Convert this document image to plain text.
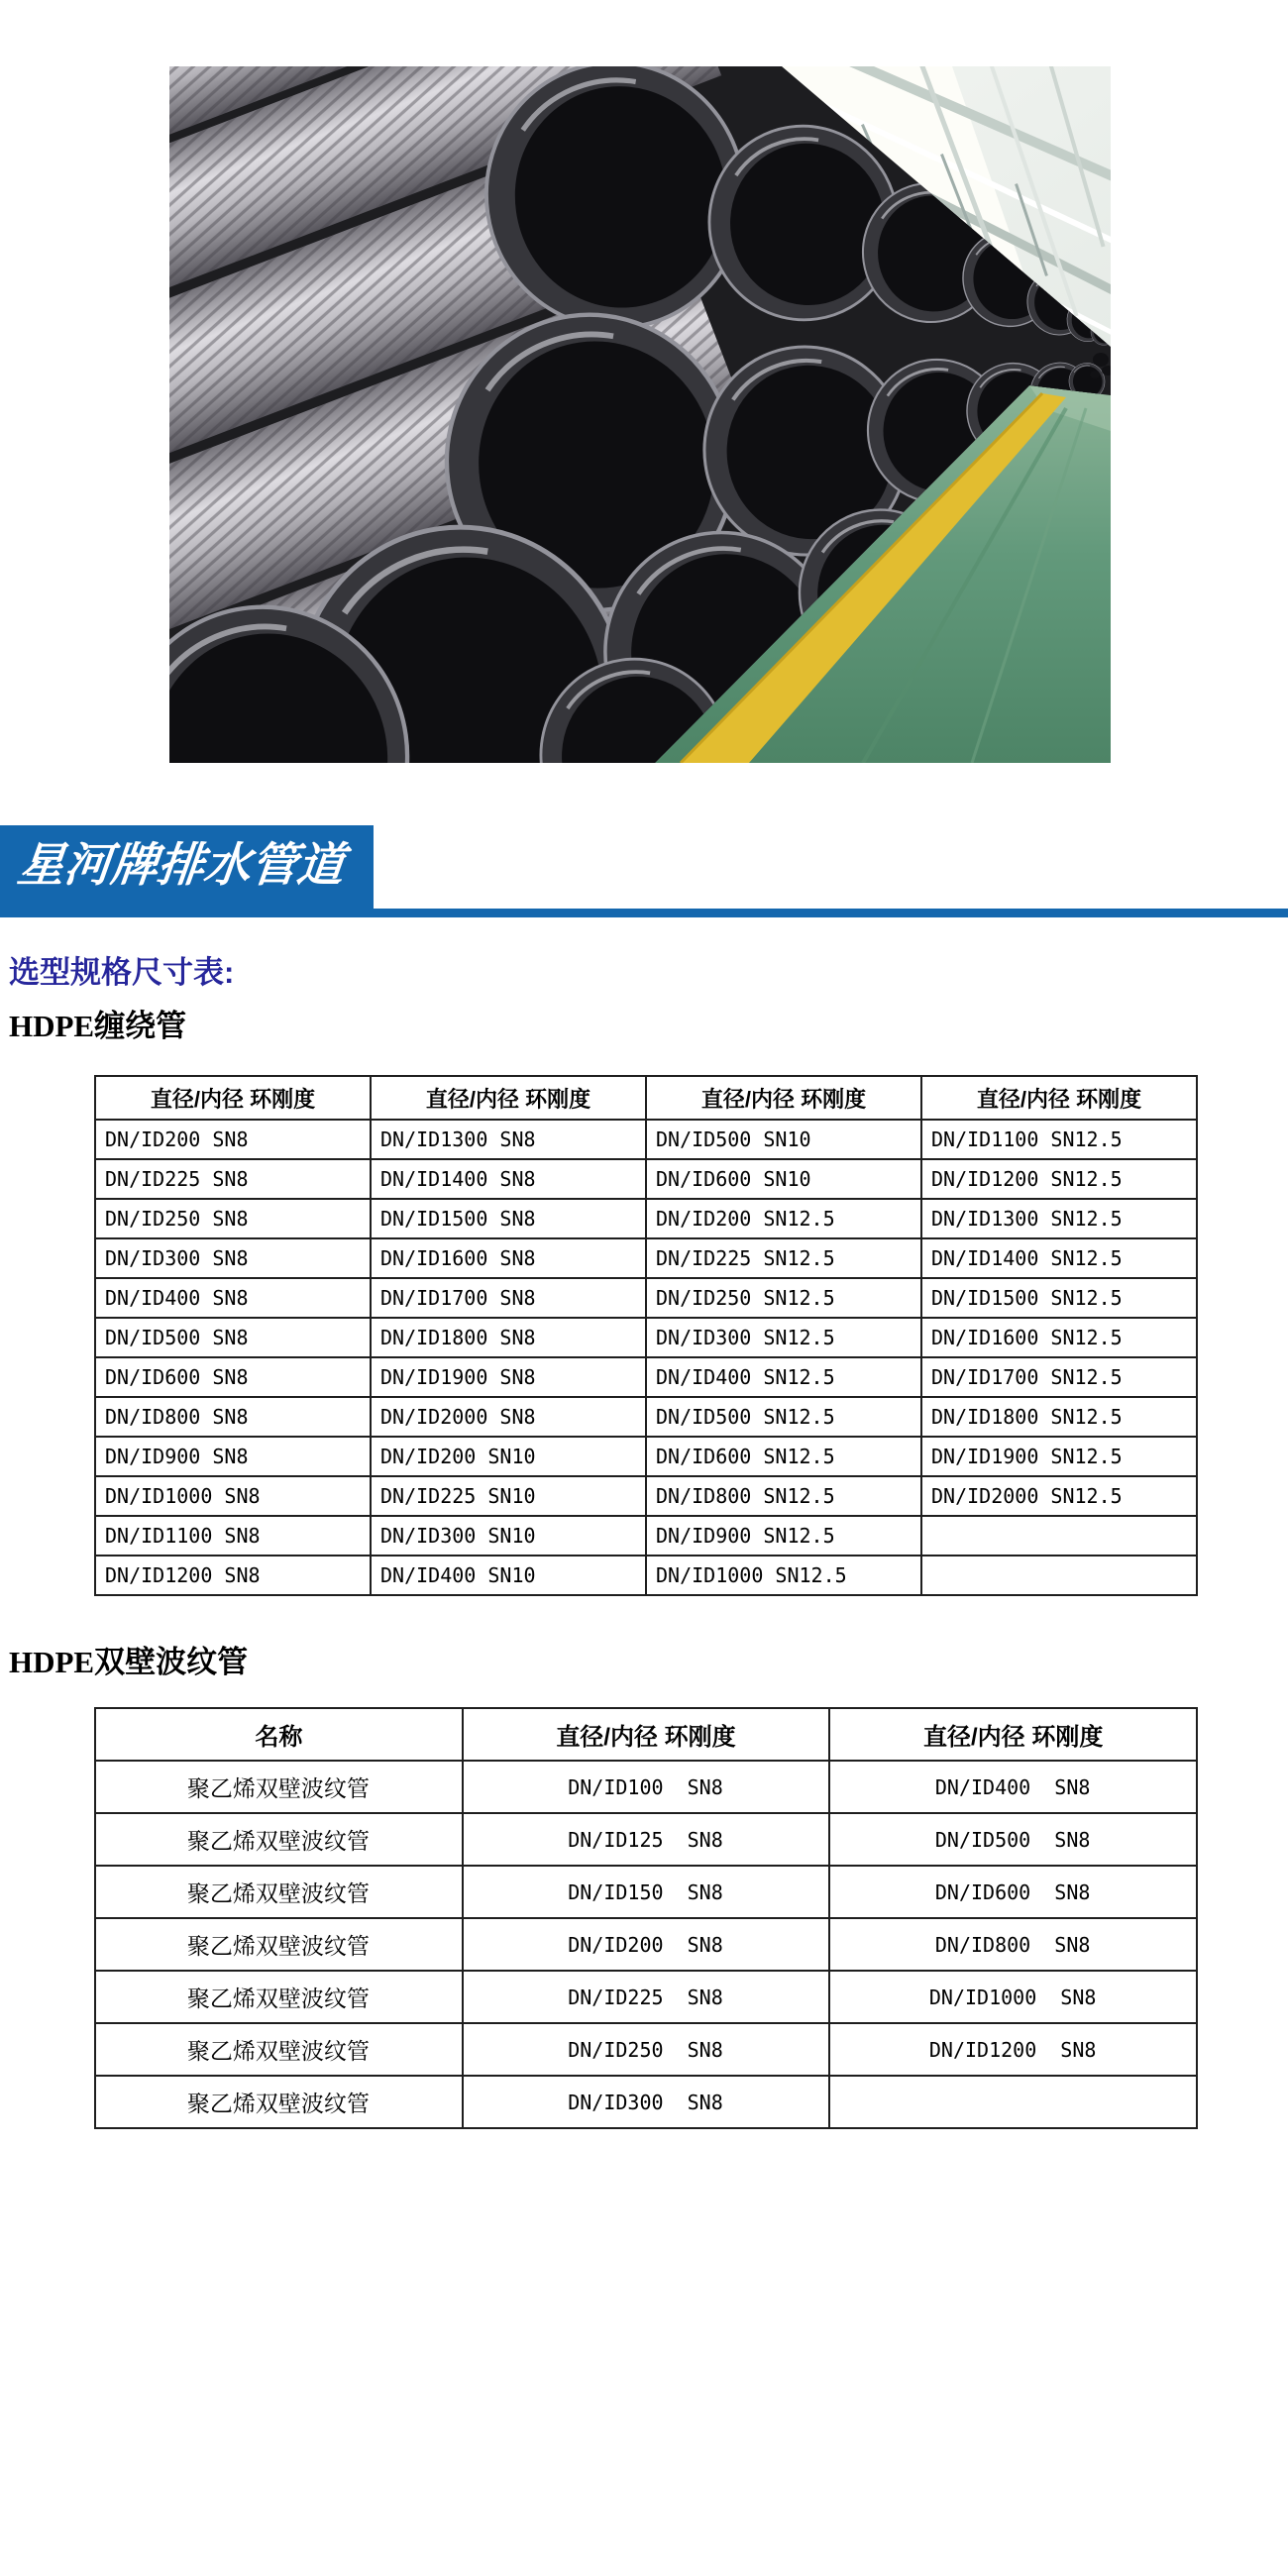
星河牌排水管道
选型规格尺寸表:
HDPE缠绕管
HDPE双壁波纹管
直径/内径 环刚度	直径/内径 环刚度	直径/内径 环刚度	直径/内径 环刚度
DN/ID200 SN8	DN/ID1300 SN8	DN/ID500 SN10	DN/ID1100 SN12.5
DN/ID225 SN8	DN/ID1400 SN8	DN/ID600 SN10	DN/ID1200 SN12.5
DN/ID250 SN8	DN/ID1500 SN8	DN/ID200 SN12.5	DN/ID1300 SN12.5
DN/ID300 SN8	DN/ID1600 SN8	DN/ID225 SN12.5	DN/ID1400 SN12.5
DN/ID400 SN8	DN/ID1700 SN8	DN/ID250 SN12.5	DN/ID1500 SN12.5
DN/ID500 SN8	DN/ID1800 SN8	DN/ID300 SN12.5	DN/ID1600 SN12.5
DN/ID600 SN8	DN/ID1900 SN8	DN/ID400 SN12.5	DN/ID1700 SN12.5
DN/ID800 SN8	DN/ID2000 SN8	DN/ID500 SN12.5	DN/ID1800 SN12.5
DN/ID900 SN8	DN/ID200 SN10	DN/ID600 SN12.5	DN/ID1900 SN12.5
DN/ID1000 SN8	DN/ID225 SN10	DN/ID800 SN12.5	DN/ID2000 SN12.5
DN/ID1100 SN8	DN/ID300 SN10	DN/ID900 SN12.5	
DN/ID1200 SN8	DN/ID400 SN10	DN/ID1000 SN12.5	
名称	直径/内径 环刚度	直径/内径 环刚度
聚乙烯双壁波纹管	DN/ID100  SN8	DN/ID400  SN8
聚乙烯双壁波纹管	DN/ID125  SN8	DN/ID500  SN8
聚乙烯双壁波纹管	DN/ID150  SN8	DN/ID600  SN8
聚乙烯双壁波纹管	DN/ID200  SN8	DN/ID800  SN8
聚乙烯双壁波纹管	DN/ID225  SN8	DN/ID1000  SN8
聚乙烯双壁波纹管	DN/ID250  SN8	DN/ID1200  SN8
聚乙烯双壁波纹管	DN/ID300  SN8	
